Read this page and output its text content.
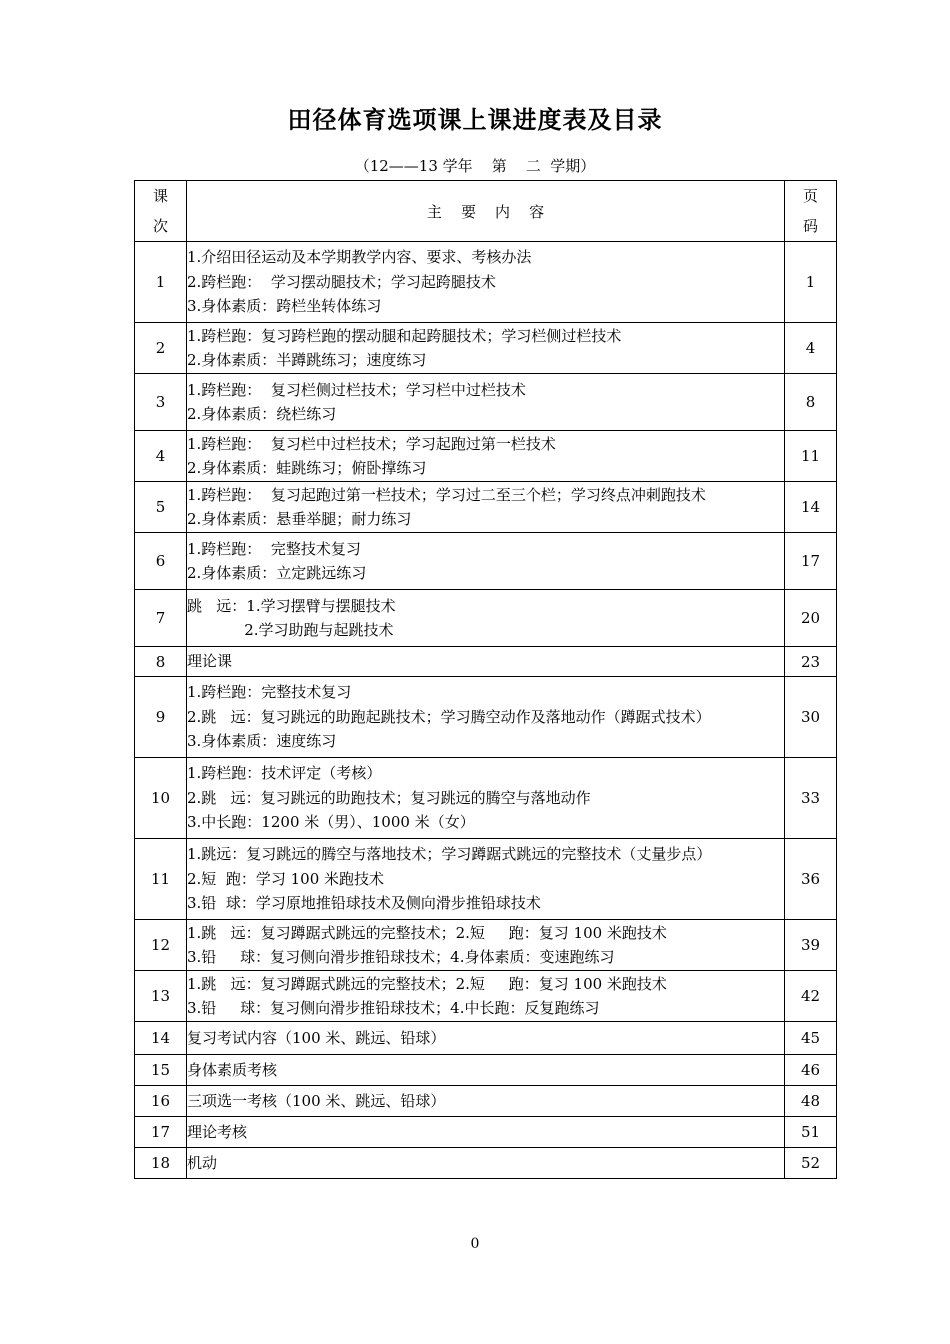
田径体育选项课上课进度表及目录
（12——13 学年    第    二  学期）
课
次	主    要    内    容	页
码

1	1.介绍田径运动及本学期教学内容、要求、考核办法
2.跨栏跑：  学习摆动腿技术；学习起跨腿技术
3.身体素质：跨栏坐转体练习	1
2	1.跨栏跑：复习跨栏跑的摆动腿和起跨腿技术；学习栏侧过栏技术
2.身体素质：半蹲跳练习；速度练习	4
3	1.跨栏跑：  复习栏侧过栏技术；学习栏中过栏技术
2.身体素质：绕栏练习	8
4	1.跨栏跑：  复习栏中过栏技术；学习起跑过第一栏技术
2.身体素质：蛙跳练习；俯卧撑练习	11
5	1.跨栏跑：  复习起跑过第一栏技术；学习过二至三个栏；学习终点冲刺跑技术
2.身体素质：悬垂举腿；耐力练习	14
6	1.跨栏跑：  完整技术复习
2.身体素质：立定跳远练习	17
7	跳   远：1.学习摆臂与摆腿技术
2.学习助跑与起跳技术	20
8	理论课	23
9	1.跨栏跑：完整技术复习
2.跳   远：复习跳远的助跑起跳技术；学习腾空动作及落地动作（蹲踞式技术）
3.身体素质：速度练习	30
10	1.跨栏跑：技术评定（考核）
2.跳   远：复习跳远的助跑技术；复习跳远的腾空与落地动作
3.中长跑：1200 米（男）、1000 米（女）	33
11	1.跳远：复习跳远的腾空与落地技术；学习蹲踞式跳远的完整技术（丈量步点）
2.短  跑：学习 100 米跑技术
3.铅  球：学习原地推铅球技术及侧向滑步推铅球技术	36
12	1.跳   远：复习蹲踞式跳远的完整技术；2.短     跑：复习 100 米跑技术
3.铅     球：复习侧向滑步推铅球技术；4.身体素质：变速跑练习	39
13	1.跳   远：复习蹲踞式跳远的完整技术；2.短     跑：复习 100 米跑技术
3.铅     球：复习侧向滑步推铅球技术；4.中长跑：反复跑练习	42
14	复习考试内容（100 米、跳远、铅球）	45
15	身体素质考核	46
16	三项选一考核（100 米、跳远、铅球）	48
17	理论考核	51
18	机动	52
0
